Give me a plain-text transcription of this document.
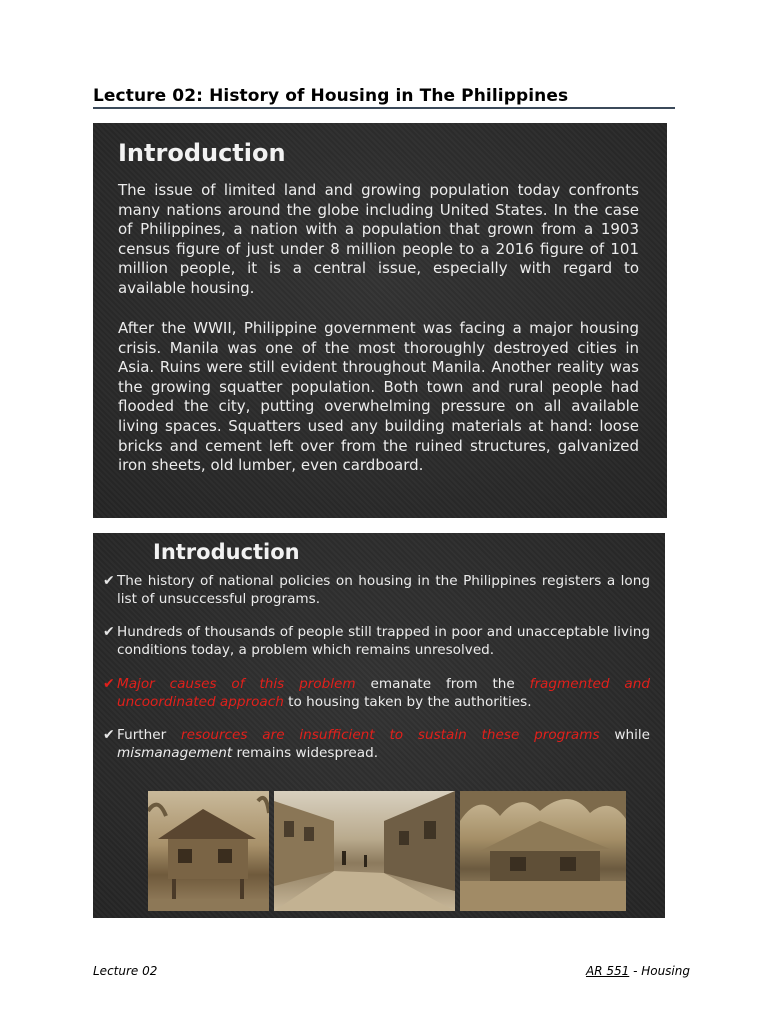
Lecture 02: History of Housing in The Philippines
Introduction

The issue of limited land and growing population today confronts many nations around the globe including United States. In the case of Philippines, a nation with a population that grown from a 1903 census figure of just under 8 million people to a 2016 figure of 101 million people, it is a central issue, especially with regard to available housing.

After the WWII, Philippine government was facing a major housing crisis. Manila was one of the most thoroughly destroyed cities in Asia. Ruins were still evident throughout Manila. Another reality was the growing squatter population. Both town and rural people had flooded the city, putting overwhelming pressure on all available living spaces. Squatters used any building materials at hand: loose bricks and cement left over from the ruined structures, galvanized iron sheets, old lumber, even cardboard.

Introduction
✔ The history of national policies on housing in the Philippines registers a long list of unsuccessful programs.
✔ Hundreds of thousands of people still trapped in poor and unacceptable living conditions today, a problem which remains unresolved.
✔ Major causes of this problem emanate from the fragmented and uncoordinated approach to housing taken by the authorities.
✔ Further resources are insufficient to sustain these programs while mismanagement remains widespread.
Lecture 02	AR 551 - Housing
